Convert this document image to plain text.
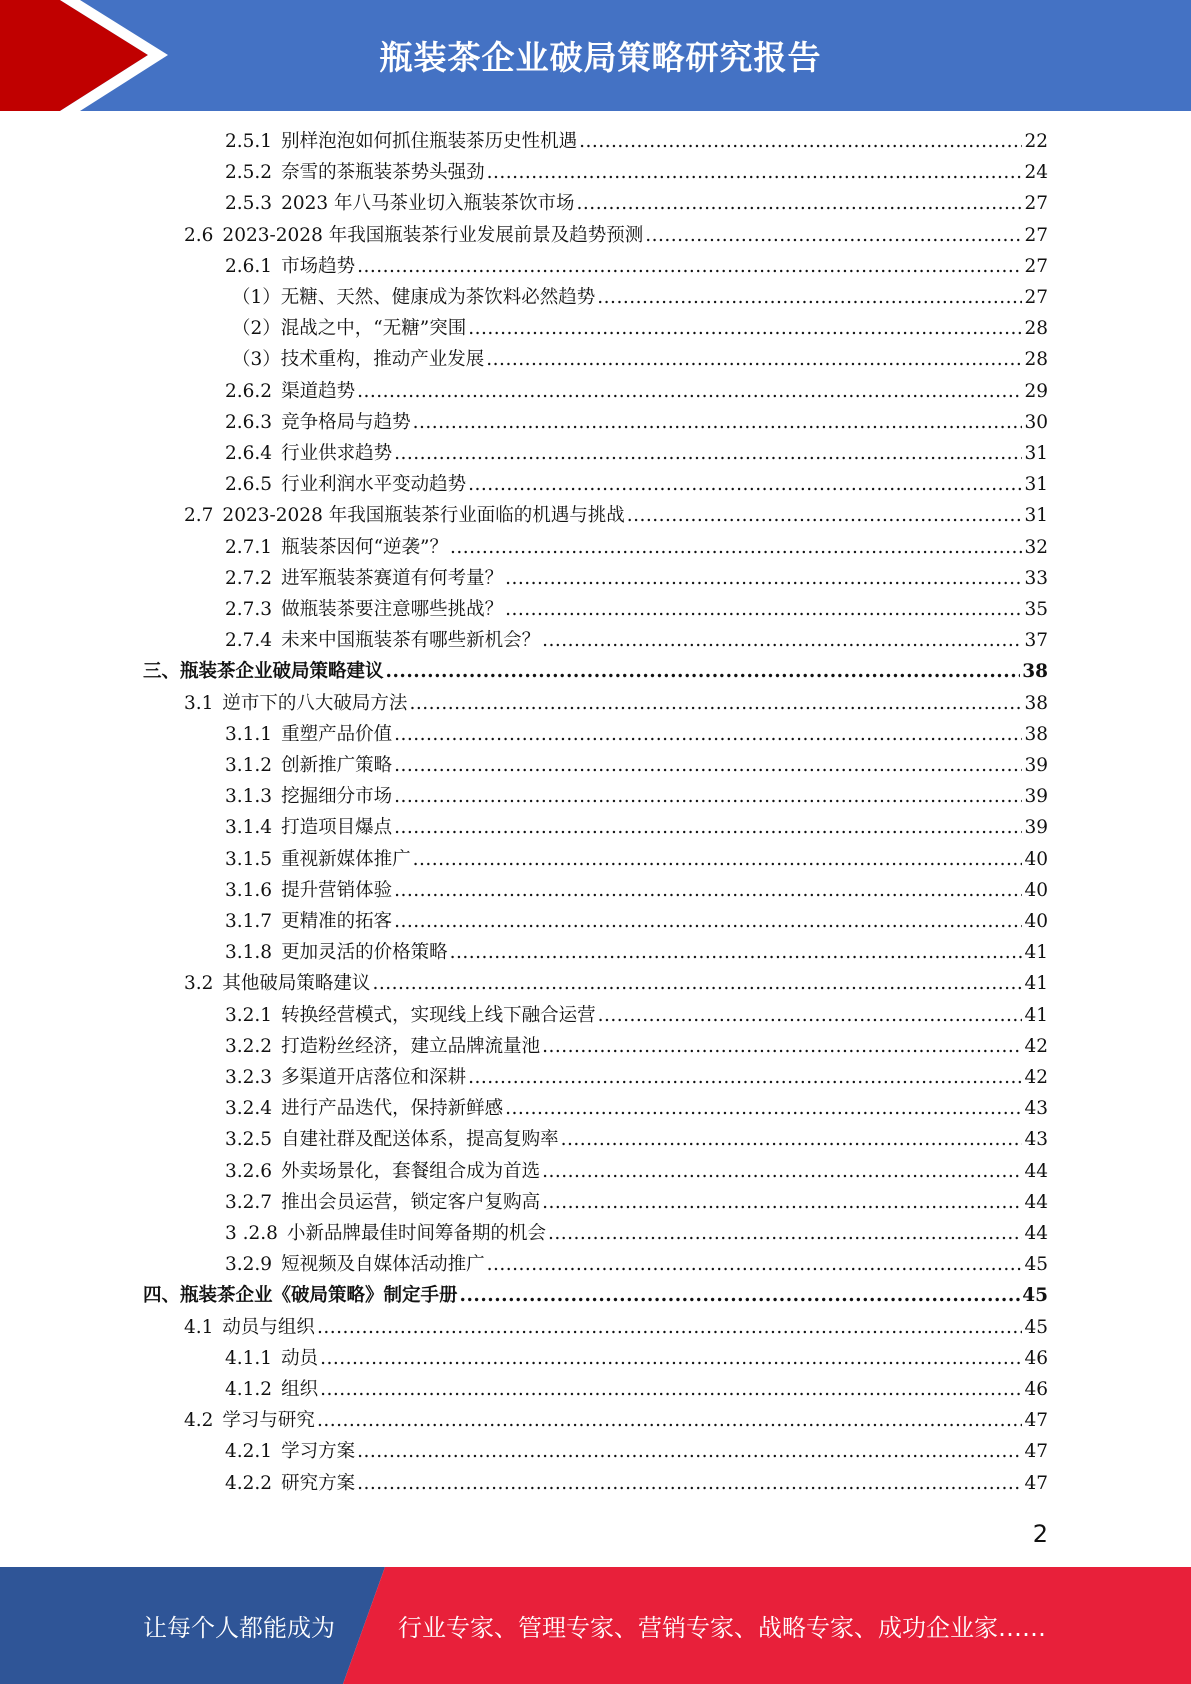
瓶装茶企业破局策略研究报告
2.5.1 别样泡泡如何抓住瓶装茶历史性机遇 .....	22
2.5.2 奈雪的茶瓶装茶势头强劲 .....	24
2.5.3 2023 年八马茶业切入瓶装茶饮市场 .....	27
2.6 2023-2028 年我国瓶装茶行业发展前景及趋势预测 .....	27
2.6.1 市场趋势 .....	27
（1） 无糖、天然、健康成为茶饮料必然趋势 .....	27
（2） 混战之中，“无糖”突围 .....	28
（3） 技术重构，推动产业发展 .....	28
2.6.2 渠道趋势 .....	29
2.6.3 竞争格局与趋势 .....	30
2.6.4 行业供求趋势 .....	31
2.6.5 行业利润水平变动趋势 .....	31
2.7 2023-2028 年我国瓶装茶行业面临的机遇与挑战 .....	31
2.7.1 瓶装茶因何“逆袭”？ .....	32
2.7.2 进军瓶装茶赛道有何考量？ .....	33
2.7.3 做瓶装茶要注意哪些挑战？ .....	35
2.7.4 未来中国瓶装茶有哪些新机会？ .....	37
三、 瓶装茶企业破局策略建议 .....	38
3.1 逆市下的八大破局方法 .....	38
3.1.1 重塑产品价值 .....	38
3.1.2 创新推广策略 .....	39
3.1.3 挖掘细分市场 .....	39
3.1.4 打造项目爆点 .....	39
3.1.5 重视新媒体推广 .....	40
3.1.6 提升营销体验 .....	40
3.1.7 更精准的拓客 .....	40
3.1.8 更加灵活的价格策略 .....	41
3.2 其他破局策略建议 .....	41
3.2.1 转换经营模式，实现线上线下融合运营 .....	41
3.2.2 打造粉丝经济，建立品牌流量池 .....	42
3.2.3 多渠道开店落位和深耕 .....	42
3.2.4 进行产品迭代，保持新鲜感 .....	43
3.2.5 自建社群及配送体系，提高复购率 .....	43
3.2.6 外卖场景化，套餐组合成为首选 .....	44
3.2.7 推出会员运营，锁定客户复购高 .....	44
3 .2.8 小新品牌最佳时间筹备期的机会 .....	44
3.2.9 短视频及自媒体活动推广 .....	45
四、 瓶装茶企业《破局策略》制定手册 .....	45
4.1 动员与组织 .....	45
4.1.1 动员 .....	46
4.1.2 组织 .....	46
4.2 学习与研究 .....	47
4.2.1 学习方案 .....	47
4.2.2 研究方案 .....	47
2
让每个人都能成为	行业专家、管理专家、营销专家、战略专家、成功企业家……
